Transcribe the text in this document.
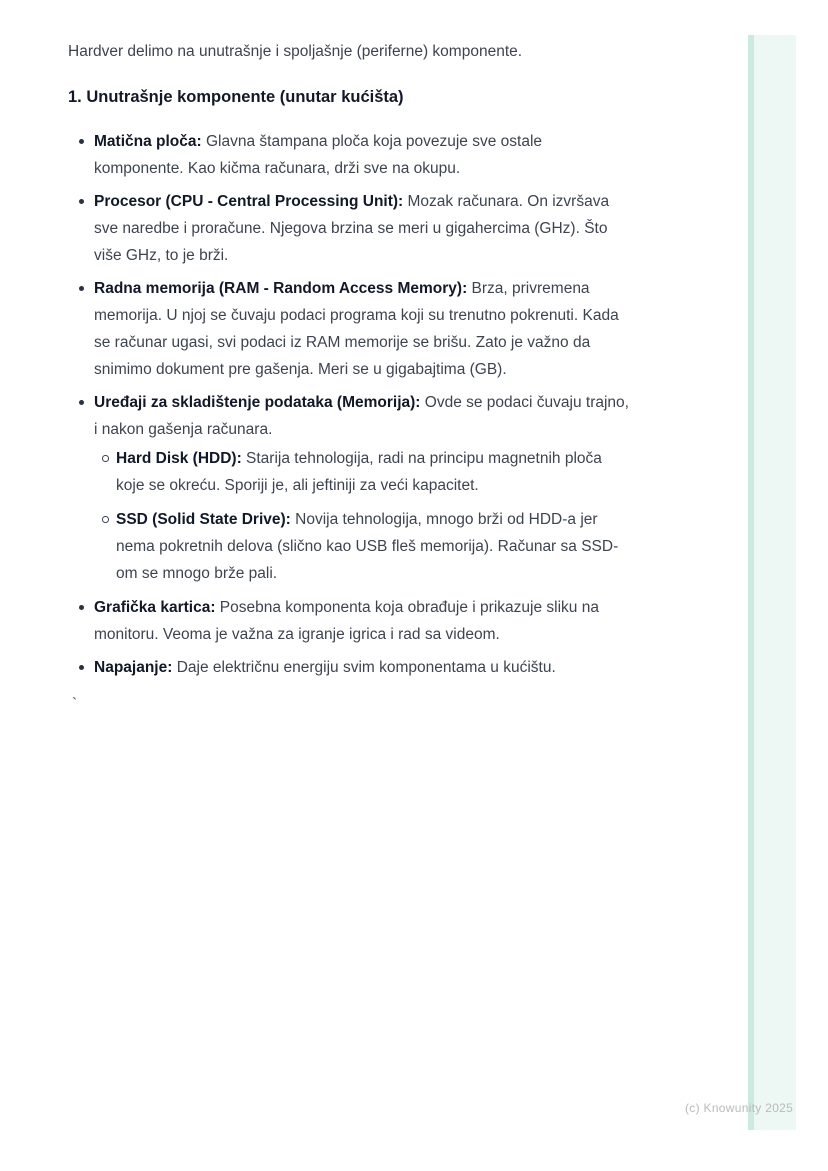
Hardver delimo na unutrašnje i spoljašnje (periferne) komponente.

1. Unutrašnje komponente (unutar kućišta)
Matična ploča: Glavna štampana ploča koja povezuje sve ostale komponente. Kao kičma računara, drži sve na okupu.
Procesor (CPU - Central Processing Unit): Mozak računara. On izvršava sve naredbe i proračune. Njegova brzina se meri u gigahercima (GHz). Što više GHz, to je brži.
Radna memorija (RAM - Random Access Memory): Brza, privremena memorija. U njoj se čuvaju podaci programa koji su trenutno pokrenuti. Kada se računar ugasi, svi podaci iz RAM memorije se brišu. Zato je važno da snimimo dokument pre gašenja. Meri se u gigabajtima (GB).
Uređaji za skladištenje podataka (Memorija): Ovde se podaci čuvaju trajno, i nakon gašenja računara.
Hard Disk (HDD): Starija tehnologija, radi na principu magnetnih ploča koje se okreću. Sporiji je, ali jeftiniji za veći kapacitet.
SSD (Solid State Drive): Novija tehnologija, mnogo brži od HDD-a jer nema pokretnih delova (slično kao USB fleš memorija). Računar sa SSD-om se mnogo brže pali.
Grafička kartica: Posebna komponenta koja obrađuje i prikazuje sliku na monitoru. Veoma je važna za igranje igrica i rad sa videom.
Napajanje: Daje električnu energiju svim komponentama u kućištu.
`
(c) Knowunity 2025
